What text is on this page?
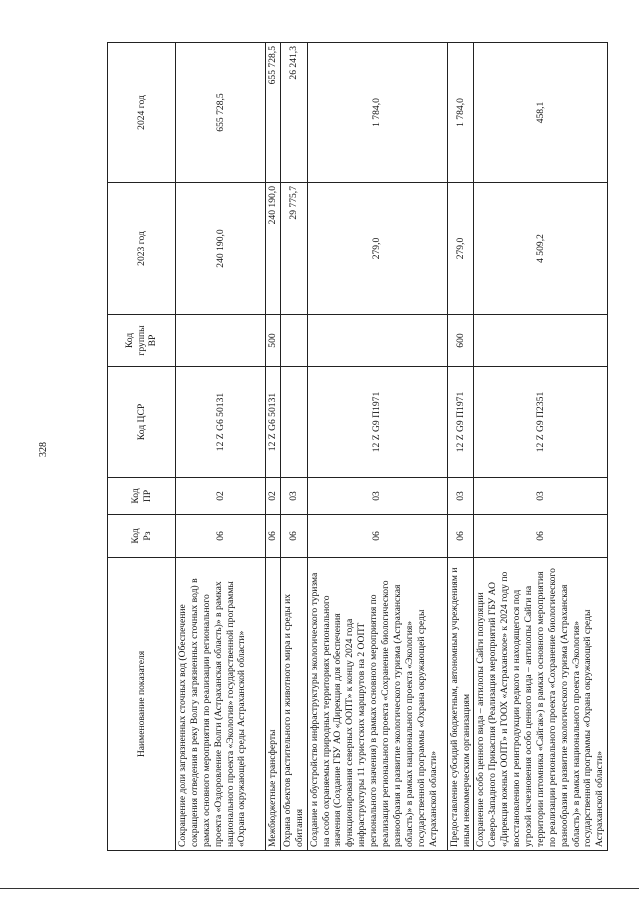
328
Наименование показателя	Код Рз	Код ПР	Код ЦСР	Код группы ВР	2023 год	2024 год
Сокращение доли загрязненных сточных вод (Обеспечение сокращения отведения в реку Волгу загрязненных сточных вод) в рамках основного мероприятия по реализации регионального проекта «Оздоровление Волги (Астраханская область)» в рамках национального проекта «Экология» государственной программы «Охрана окружающей среды Астраханской области»	06	02	12 Z G6 50131		240 190,0	655 728,5
Межбюджетные трансферты	06	02	12 Z G6 50131	500	240 190,0	655 728,5
Охрана объектов растительного и животного мира и среды их обитания	06	03			29 775,7	26 241,3
Создание и обустройство инфраструктуры экологического туризма на особо охраняемых природных территориях регионального значения (Создание ГБУ АО «Дирекция для обеспечения функционирования северных ООПТ» к концу 2024 года инфраструктуры 11 туристских маршрутов на 2 ООПТ регионального значения) в рамках основного мероприятия по реализации регионального проекта «Сохранение биологического разнообразия и развитие экологического туризма (Астраханская область)» в рамках национального проекта «Экология» государственной программы «Охрана окружающей среды Астраханской области»	06	03	12 Z G9 П1971		279,0	1 784,0
Предоставление субсидий бюджетным, автономным учреждениям и иным некоммерческим организациям	06	03	12 Z G9 П1971	600	279,0	1 784,0
Сохранение особо ценного вида – антилопы Сайги популяции Северо-Западного Прикаспия (Реализация мероприятий ГБУ АО «Дирекция южных ООПТ» и ГООХ «Астраханское» к 2024 году по восстановлению и реинтродукции редкого и находящегося под угрозой исчезновения особо ценного вида – антилопы Сайги на территории питомника «Сайгак») в рамках основного мероприятия по реализации регионального проекта «Сохранение биологического разнообразия и развитие экологического туризма (Астраханская область)» в рамках национального проекта «Экология» государственной программы «Охрана окружающей среды Астраханской области»	06	03	12 Z G9 П2351		4 509,2	458,1
